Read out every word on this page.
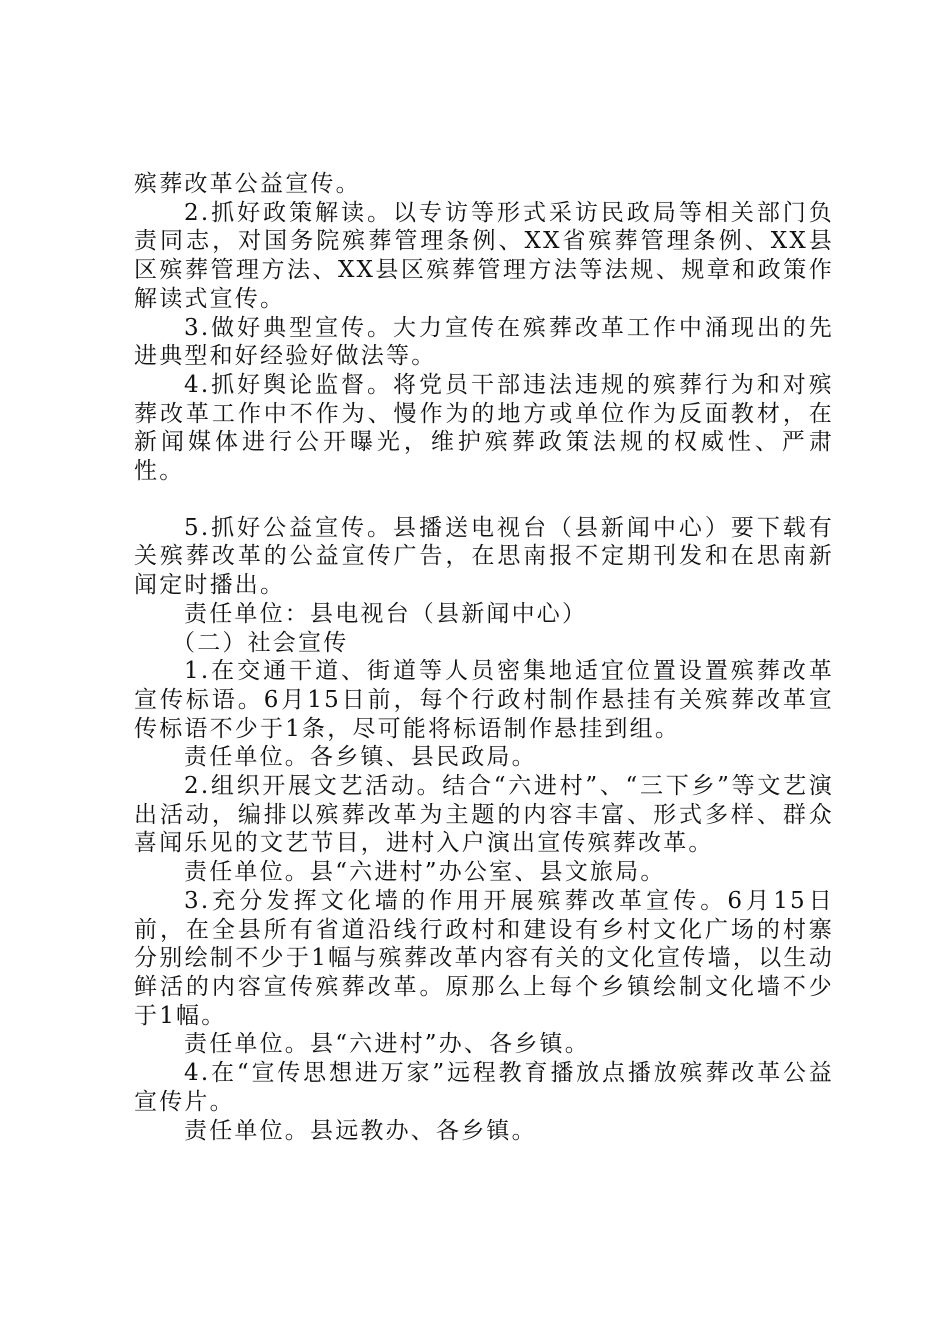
殡葬改革公益宣传。

2.抓好政策解读。以专访等形式采访民政局等相关部门负责同志，对国务院殡葬管理条例、XX省殡葬管理条例、XX县区殡葬管理方法、XX县区殡葬管理方法等法规、规章和政策作解读式宣传。

3.做好典型宣传。大力宣传在殡葬改革工作中涌现出的先进典型和好经验好做法等。

4.抓好舆论监督。将党员干部违法违规的殡葬行为和对殡葬改革工作中不作为、慢作为的地方或单位作为反面教材，在新闻媒体进行公开曝光，维护殡葬政策法规的权威性、严肃性。

5.抓好公益宣传。县播送电视台（县新闻中心）要下载有关殡葬改革的公益宣传广告，在思南报不定期刊发和在思南新闻定时播出。

责任单位：县电视台（县新闻中心）

（二）社会宣传

1.在交通干道、街道等人员密集地适宜位置设置殡葬改革宣传标语。6月15日前，每个行政村制作悬挂有关殡葬改革宣传标语不少于1条，尽可能将标语制作悬挂到组。

责任单位。各乡镇、县民政局。

2.组织开展文艺活动。结合“六进村”、“三下乡”等文艺演出活动，编排以殡葬改革为主题的内容丰富、形式多样、群众喜闻乐见的文艺节目，进村入户演出宣传殡葬改革。

责任单位。县“六进村”办公室、县文旅局。

3.充分发挥文化墙的作用开展殡葬改革宣传。6月15日前，在全县所有省道沿线行政村和建设有乡村文化广场的村寨分别绘制不少于1幅与殡葬改革内容有关的文化宣传墙，以生动鲜活的内容宣传殡葬改革。原那么上每个乡镇绘制文化墙不少于1幅。

责任单位。县“六进村”办、各乡镇。

4.在“宣传思想进万家”远程教育播放点播放殡葬改革公益宣传片。

责任单位。县远教办、各乡镇。
